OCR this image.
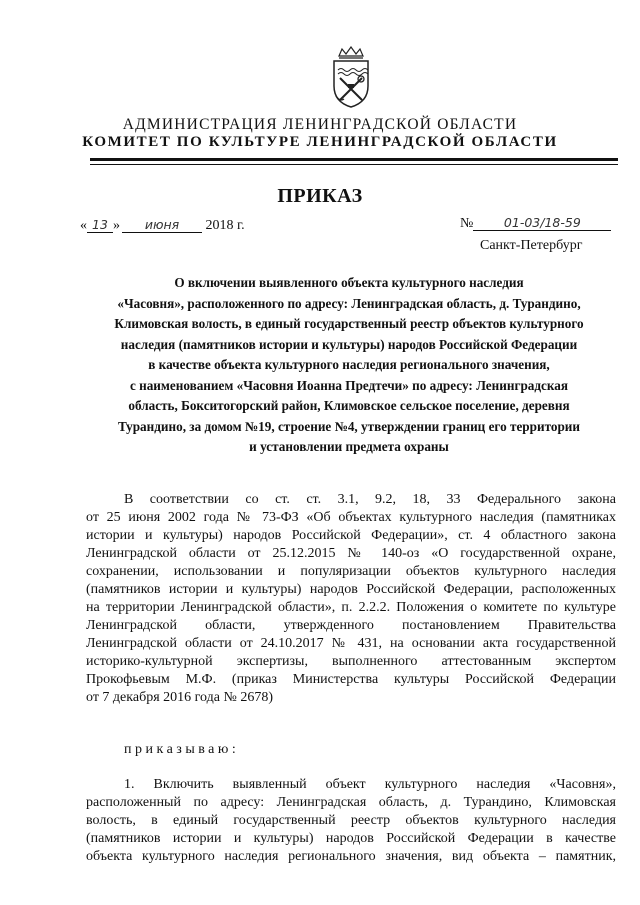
АДМИНИСТРАЦИЯ ЛЕНИНГРАДСКОЙ ОБЛАСТИ
КОМИТЕТ ПО КУЛЬТУРЕ ЛЕНИНГРАДСКОЙ ОБЛАСТИ
ПРИКАЗ
« 13 » июня 2018 г.	№ 01-03/18-59
Санкт-Петербург
О включении выявленного объекта культурного наследия
«Часовня», расположенного по адресу: Ленинградская область, д. Турандино,
Климовская волость, в единый государственный реестр объектов культурного
наследия (памятников истории и культуры) народов Российской Федерации
в качестве объекта культурного наследия регионального значения,
с наименованием «Часовня Иоанна Предтечи» по адресу: Ленинградская
область, Бокситогорский район, Климовское сельское поселение, деревня
Турандино, за домом №19, строение №4, утверждении границ его территории
и установлении предмета охраны
В соответствии со ст. ст. 3.1, 9.2, 18, 33 Федерального закона
от 25 июня 2002 года № 73-ФЗ «Об объектах культурного наследия (памятниках
истории и культуры) народов Российской Федерации», ст. 4 областного закона
Ленинградской области от 25.12.2015 № 140-оз «О государственной охране,
сохранении, использовании и популяризации объектов культурного наследия
(памятников истории и культуры) народов Российской Федерации, расположенных
на территории Ленинградской области», п. 2.2.2. Положения о комитете по культуре
Ленинградской области, утвержденного постановлением Правительства
Ленинградской области от 24.10.2017 № 431, на основании акта государственной
историко-культурной экспертизы, выполненного аттестованным экспертом
Прокофьевым М.Ф. (приказ Министерства культуры Российской Федерации
от 7 декабря 2016 года № 2678)
приказываю:
1. Включить выявленный объект культурного наследия «Часовня»,
расположенный по адресу: Ленинградская область, д. Турандино, Климовская
волость, в единый государственный реестр объектов культурного наследия
(памятников истории и культуры) народов Российской Федерации в качестве
объекта культурного наследия регионального значения, вид объекта – памятник,
